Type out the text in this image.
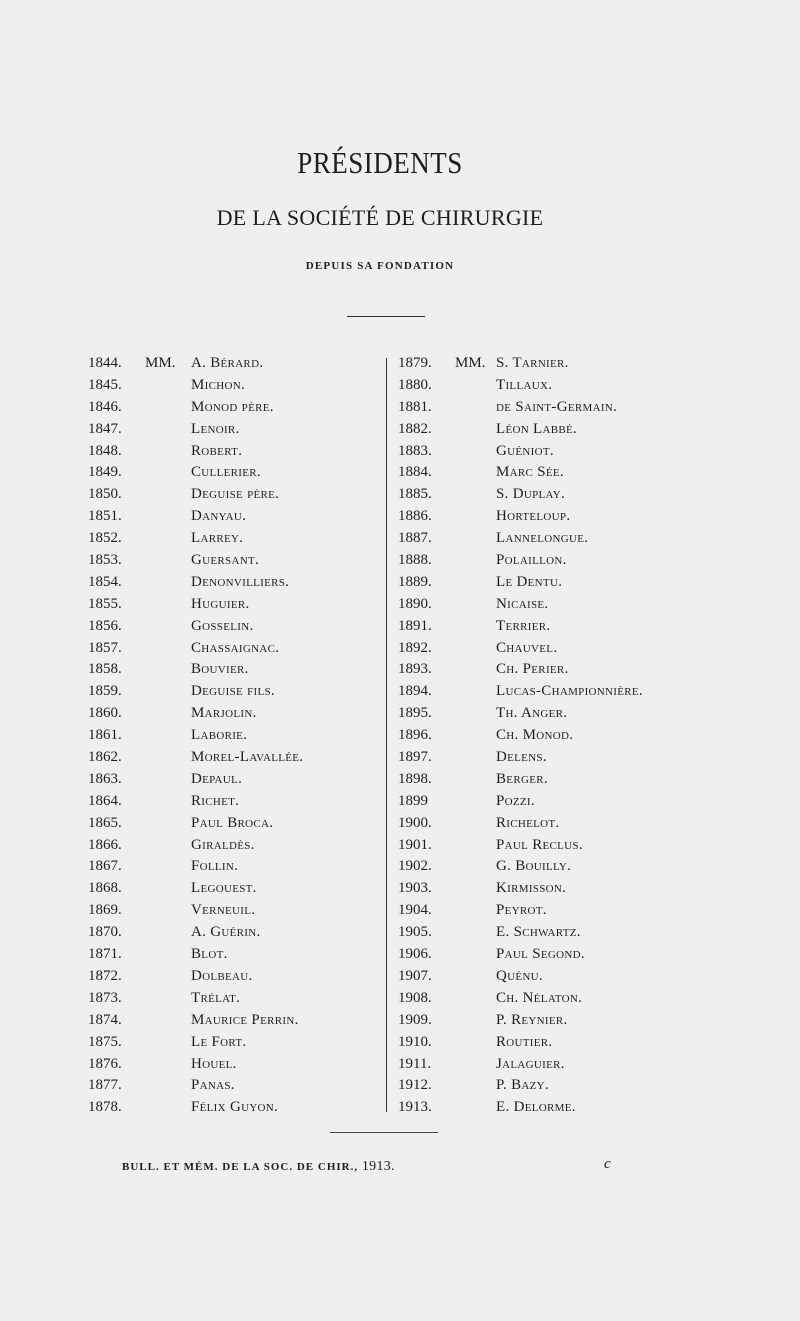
PRÉSIDENTS
DE LA SOCIÉTÉ DE CHIRURGIE
DEPUIS SA FONDATION
1844. MM. A. Bérard.
1845.	Michon.
1846.	Monod père.
1847.	Lenoir.
1848.	Robert.
1849.	Cullerier.
1850.	Deguise père.
1851.	Danyau.
1852.	Larrey.
1853.	Guersant.
1854.	Denonvilliers.
1855.	Huguier.
1856.	Gosselin.
1857.	Chassaignac.
1858.	Bouvier.
1859.	Deguise fils.
1860.	Marjolin.
1861.	Laborie.
1862.	Morel-Lavallée.
1863.	Depaul.
1864.	Richet.
1865.	Paul Broca.
1866.	Giraldès.
1867.	Follin.
1868.	Legouest.
1869.	Verneuil.
1870.	A. Guérin.
1871.	Blot.
1872.	Dolbeau.
1873.	Trélat.
1874.	Maurice Perrin.
1875.	Le Fort.
1876.	Houel.
1877.	Panas.
1878.	Félix Guyon.
1879. MM. S. Tarnier.
1880.	Tillaux.
1881.	de Saint-Germain.
1882.	Léon Labbé.
1883.	Guéniot.
1884.	Marc Sée.
1885.	S. Duplay.
1886.	Horteloup.
1887.	Lannelongue.
1888.	Polaillon.
1889.	Le Dentu.
1890.	Nicaise.
1891.	Terrier.
1892.	Chauvel.
1893.	Ch. Perier.
1894.	Lucas-Championnière.
1895.	Th. Anger.
1896.	Ch. Monod.
1897.	Delens.
1898.	Berger.
1899	Pozzi.
1900.	Richelot.
1901.	Paul Reclus.
1902.	G. Bouilly.
1903.	Kirmisson.
1904.	Peyrot.
1905.	E. Schwartz.
1906.	Paul Segond.
1907.	Quénu.
1908.	Ch. Nélaton.
1909.	P. Reynier.
1910.	Routier.
1911.	Jalaguier.
1912.	P. Bazy.
1913.	E. Delorme.
BULL. ET MÉM. DE LA SOC. DE CHIR., 1913.	c
